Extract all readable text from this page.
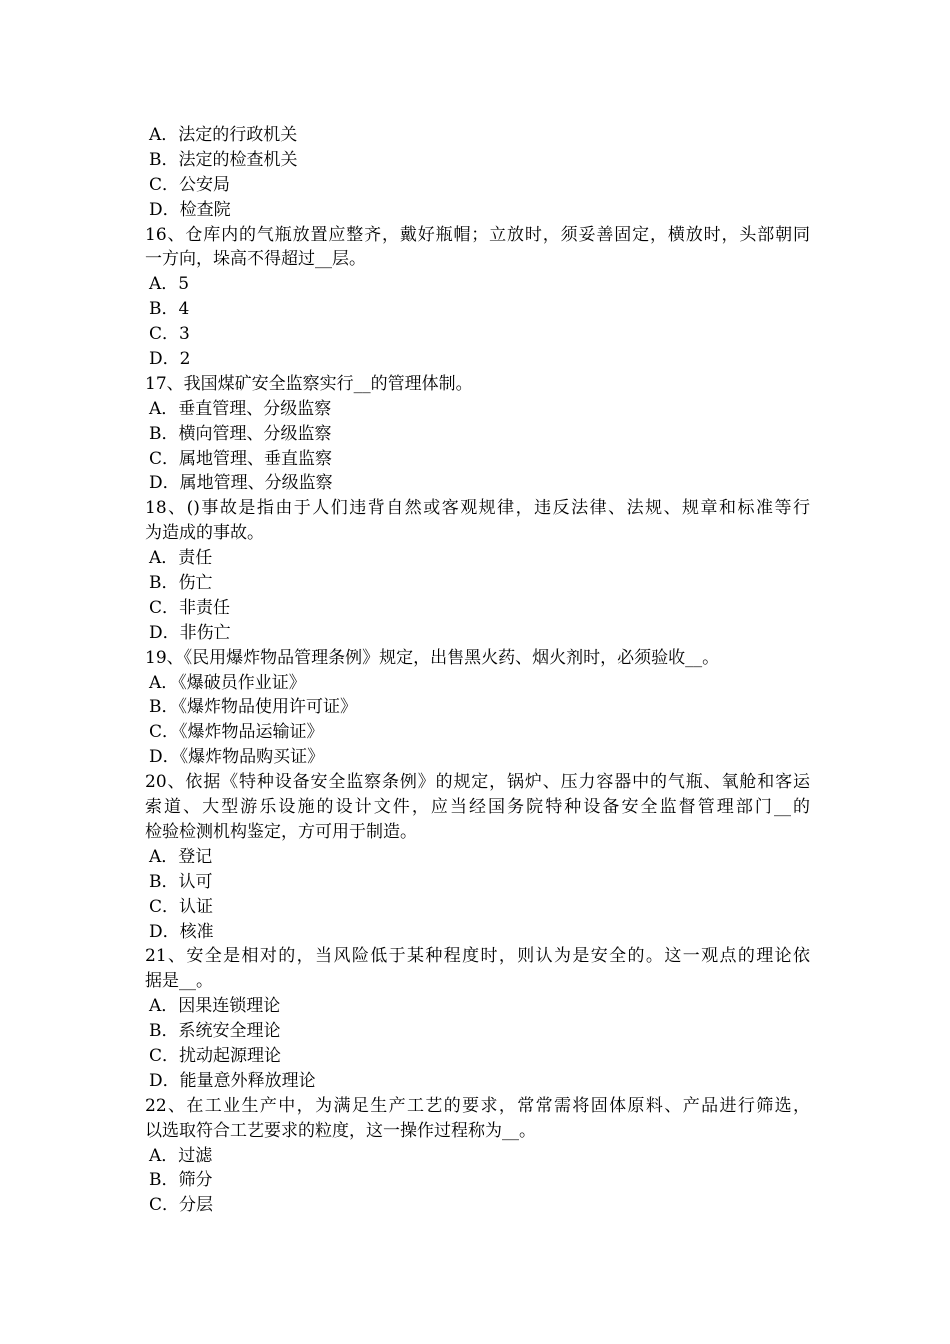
A．法定的行政机关
B．法定的检查机关
C．公安局
D．检查院
16、仓库内的气瓶放置应整齐，戴好瓶帽；立放时，须妥善固定，横放时，头部朝同
一方向，垛高不得超过__层。
A．5
B．4
C．3
D．2
17、我国煤矿安全监察实行__的管理体制。
A．垂直管理、分级监察
B．横向管理、分级监察
C．属地管理、垂直监察
D．属地管理、分级监察
18、()事故是指由于人们违背自然或客观规律，违反法律、法规、规章和标准等行
为造成的事故。
A．责任
B．伤亡
C．非责任
D．非伤亡
19、《民用爆炸物品管理条例》规定，出售黑火药、烟火剂时，必须验收__。
A．《爆破员作业证》
B．《爆炸物品使用许可证》
C．《爆炸物品运输证》
D．《爆炸物品购买证》
20、依据《特种设备安全监察条例》的规定，锅炉、压力容器中的气瓶、氧舱和客运
索道、大型游乐设施的设计文件，应当经国务院特种设备安全监督管理部门__的
检验检测机构鉴定，方可用于制造。
A．登记
B．认可
C．认证
D．核准
21、安全是相对的，当风险低于某种程度时，则认为是安全的。这一观点的理论依
据是__。
A．因果连锁理论
B．系统安全理论
C．扰动起源理论
D．能量意外释放理论
22、在工业生产中，为满足生产工艺的要求，常常需将固体原料、产品进行筛选，
以选取符合工艺要求的粒度，这一操作过程称为__。
A．过滤
B．筛分
C．分层
